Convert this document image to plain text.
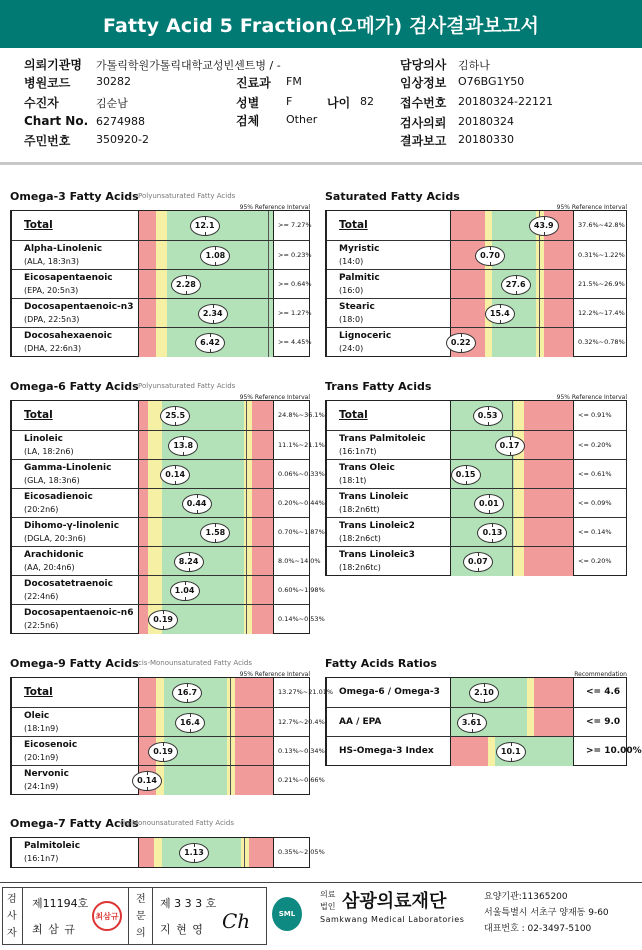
Fatty Acid 5 Fraction(오메가) 검사결과보고서
의뢰기관명 가톨릭학원가톨릭대학교성빈센트병 / -
병원코드 30282
수진자	김순남
Chart No. 6274988
주민번호 350920-2
진료과 FM
성별 F	나이 82
검체 Other
담당의사 김하나
임상정보 O76BG1Y50
접수번호 20180324-22121
검사의뢰 20180324
결과보고 20180330
Omega-3 Fatty Acids Polyunsaturated Fatty Acids
95% Reference Interval
Total	12.1	>= 7.27%
Alpha-Linolenic
(ALA, 18:3n3)
1.08	>= 0.23%
Eicosapentaenoic
(EPA, 20:5n3)
2.28	>= 0.64%
Docosapentaenoic-n3
(DPA, 22:5n3)
2.34	>= 1.27%
Docosahexaenoic
(DHA, 22:6n3)
6.42	>= 4.45%
Saturated Fatty Acids
95% Reference Interval
Total	43.9	37.6%~42.8%
Myristic
(14:0)
0.70	0.31%~1.22%
Palmitic
(16:0)
27.6	21.5%~26.9%
Stearic
(18:0)
15.4	12.2%~17.4%
Lignoceric
(24:0)
0.22	0.32%~0.78%
Omega-6 Fatty Acids Polyunsaturated Fatty Acids
95% Reference Interval
Total	25.5	24.8%~36.1%
Linoleic
(LA, 18:2n6)
13.8	11.1%~21.1%
Gamma-Linolenic
(GLA, 18:3n6)
0.14	0.06%~0.33%
Eicosadienoic
(20:2n6)
0.44	0.20%~0.44%
Dihomo-γ-linolenic
(DGLA, 20:3n6)
1.58	0.70%~1.87%
Arachidonic
(AA, 20:4n6)
8.24	8.0%~14.0%
Docosatetraenoic
(22:4n6)
1.04	0.60%~1.98%
Docosapentaenoic-n6
(22:5n6)
0.19	0.14%~0.53%
Trans Fatty Acids
95% Reference Interval
Total	0.53	<= 0.91%
Trans Palmitoleic
(16:1n7t)
0.17	<= 0.20%
Trans Oleic
(18:1t)
0.15	<= 0.61%
Trans Linoleic
(18:2n6tt)
0.01	<= 0.09%
Trans Linoleic2
(18:2n6ct)
0.13	<= 0.14%
Trans Linoleic3
(18:2n6tc)
0.07	<= 0.20%
Omega-9 Fatty Acids cis-Monounsaturated Fatty Acids
95% Reference Interval
Total	16.7	13.27%~21.01%
Oleic
(18:1n9)
16.4	12.7%~20.4%
Eicosenoic
(20:1n9)
0.19	0.13%~0.34%
Nervonic
(24:1n9)
0.14	0.21%~0.66%
Fatty Acids Ratios
Recommendation
Omega-6 / Omega-3	2.10	<= 4.6
AA / EPA	3.61	<= 9.0
HS-Omega-3 Index	10.1	>= 10.00%
Omega-7 Fatty Acids
cis-Monounsaturated Fatty Acids
Palmitoleic
(16:1n7)
1.13	0.35%~2.05%
검
사
자
제11194호
최 삼 규
최삼규
전
문
의
제 3 3 3 호
지 현 영 Ch	SML
의료
법인 삼광의료재단
Samkwang Medical Laboratories
요양기관:11365200
서울특별시 서초구 양재동 9-60
대표번호 : 02-3497-5100
